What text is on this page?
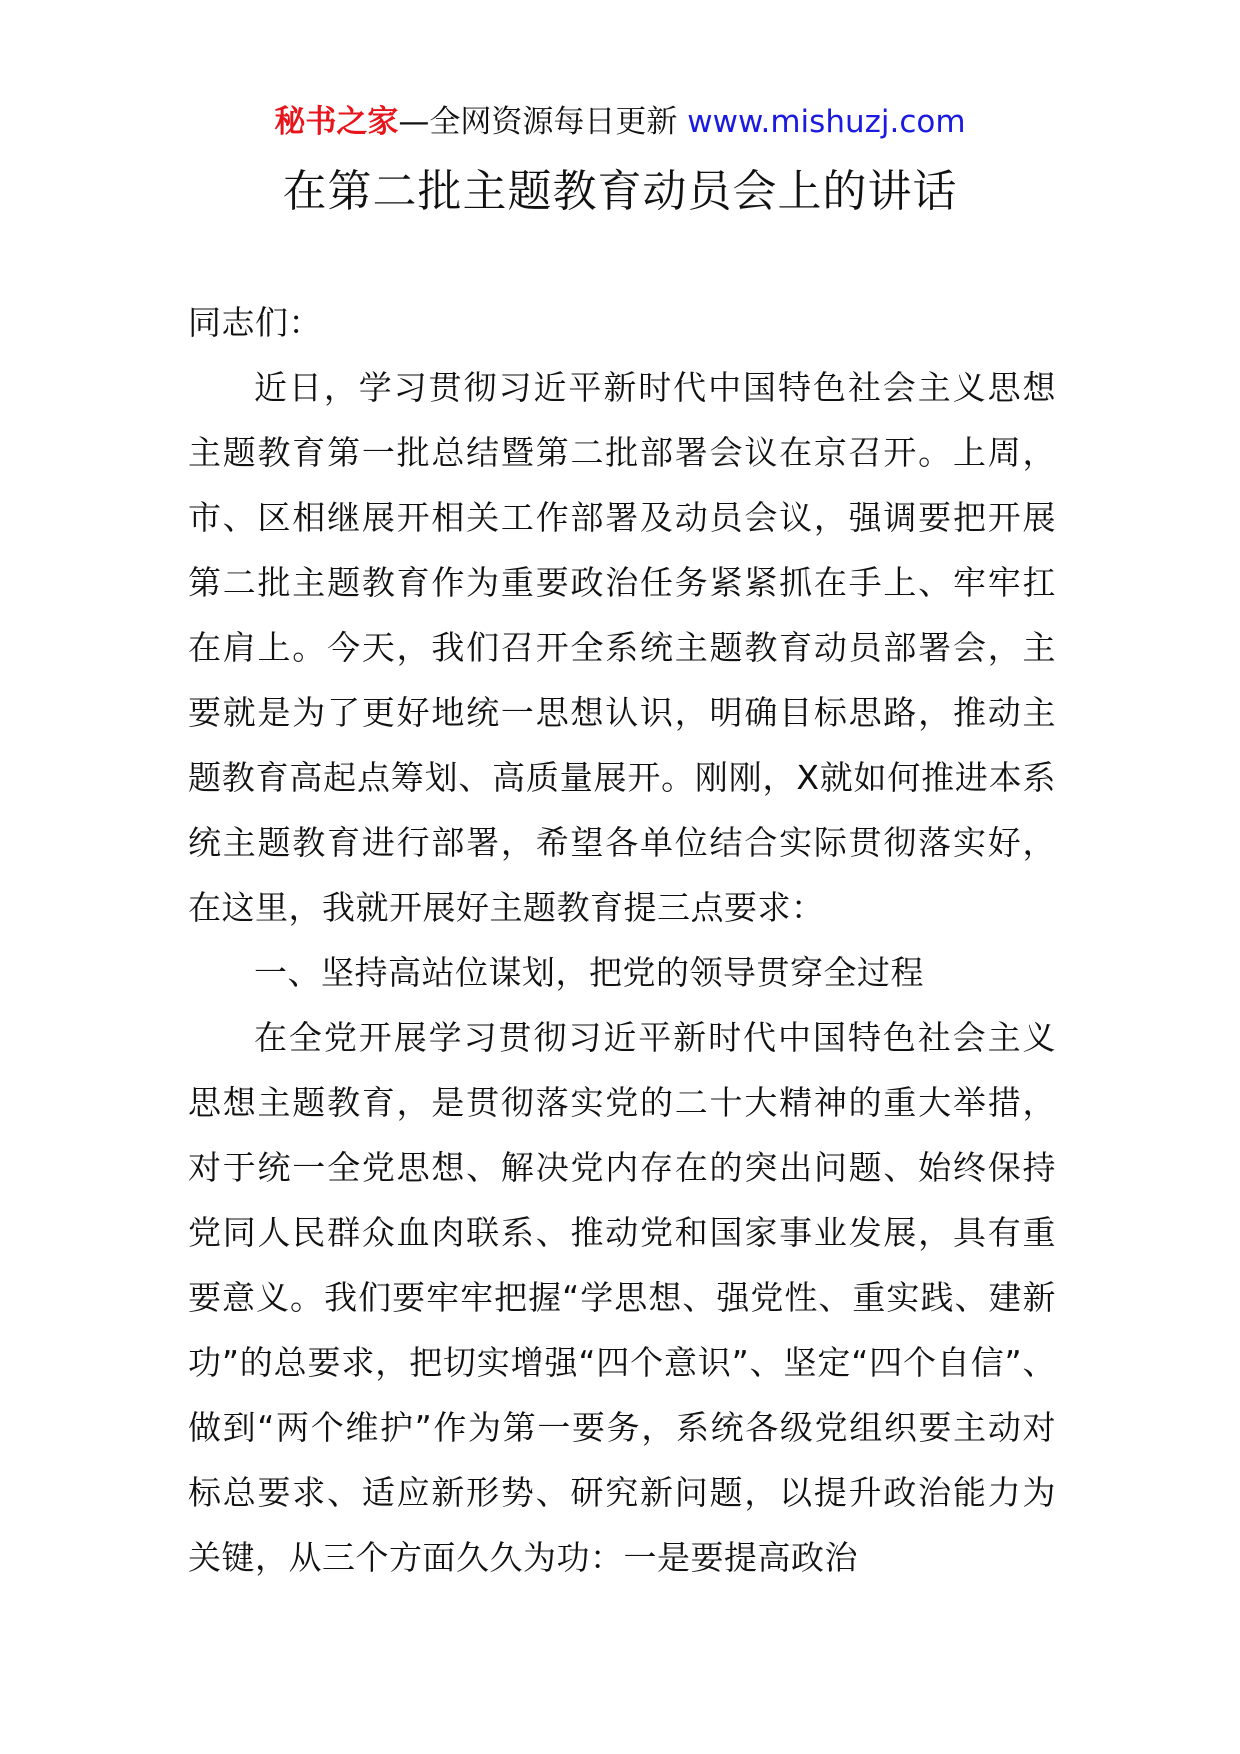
秘书之家—全网资源每日更新 www.mishuzj.com
在第二批主题教育动员会上的讲话

同志们：

近日，学习贯彻习近平新时代中国特色社会主义思想主题教育第一批总结暨第二批部署会议在京召开。上周，市、区相继展开相关工作部署及动员会议，强调要把开展第二批主题教育作为重要政治任务紧紧抓在手上、牢牢扛在肩上。今天，我们召开全系统主题教育动员部署会，主要就是为了更好地统一思想认识，明确目标思路，推动主题教育高起点筹划、高质量展开。刚刚，X就如何推进本系统主题教育进行部署，希望各单位结合实际贯彻落实好，在这里，我就开展好主题教育提三点要求：

一、坚持高站位谋划，把党的领导贯穿全过程

在全党开展学习贯彻习近平新时代中国特色社会主义思想主题教育，是贯彻落实党的二十大精神的重大举措，对于统一全党思想、解决党内存在的突出问题、始终保持党同人民群众血肉联系、推动党和国家事业发展，具有重要意义。我们要牢牢把握“学思想、强党性、重实践、建新功”的总要求，把切实增强“四个意识”、坚定“四个自信”、做到“两个维护”作为第一要务，系统各级党组织要主动对标总要求、适应新形势、研究新问题，以提升政治能力为关键，从三个方面久久为功：一是要提高政治
